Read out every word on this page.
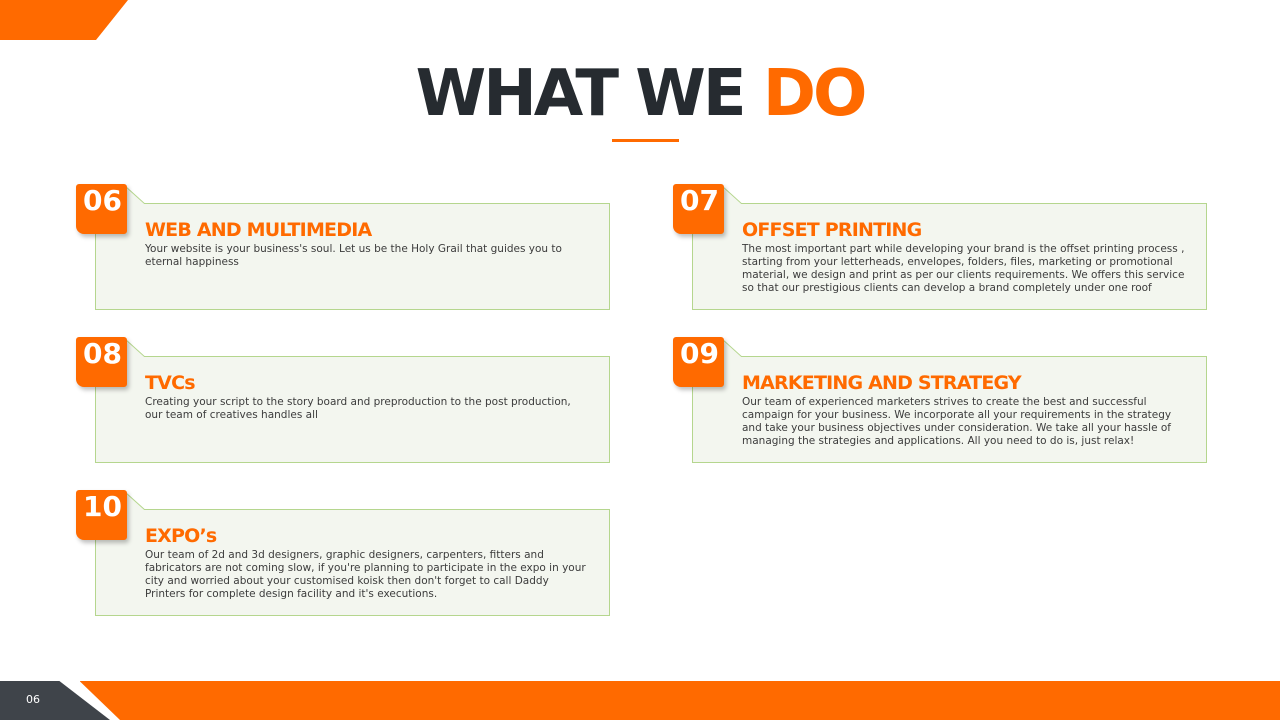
WHAT WE DO
06
WEB AND MULTIMEDIA

Your website is your business's soul. Let us be the Holy Grail that guides you to eternal happiness

07
OFFSET PRINTING

The most important part while developing your brand is the offset printing process , starting from your letterheads, envelopes, folders, files, marketing or promotional material, we design and print as per our clients requirements. We offers this service so that our prestigious clients can develop a brand completely under one roof

08
TVCs

Creating your script to the story board and preproduction to the post production, our team of creatives handles all

09
MARKETING AND STRATEGY

Our team of experienced marketers strives to create the best and successful campaign for your business. We incorporate all your requirements in the strategy and take your business objectives under consideration. We take all your hassle of managing the strategies and applications. All you need to do is, just relax!

10
EXPO’s

Our team of 2d and 3d designers, graphic designers, carpenters, fitters and fabricators are not coming slow, if you're planning to participate in the expo in your city and worried about your customised koisk then don't forget to call Daddy Printers for complete design facility and it's executions.

06
